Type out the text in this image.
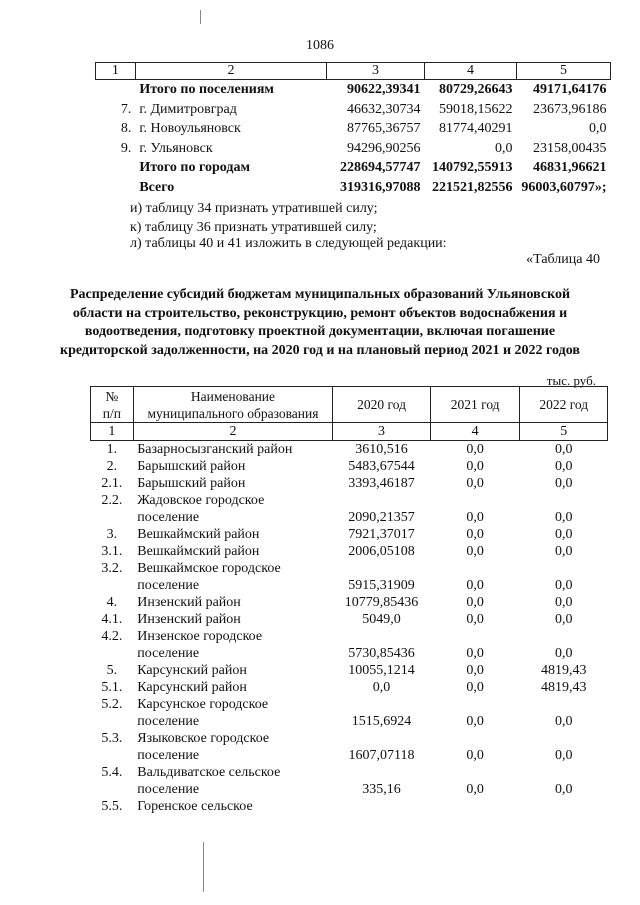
1086
1	2	3	4	5
	Итого по поселениям	90622,39341	80729,26643	49171,64176
7.	г. Димитровград	46632,30734	59018,15622	23673,96186
8.	г. Новоульяновск	87765,36757	81774,40291	0,0
9.	г. Ульяновск	94296,90256	0,0	23158,00435
	Итого по городам	228694,57747	140792,55913	46831,96621
	Всего	319316,97088	221521,82556	96003,60797»;
и) таблицу 34 признать утратившей силу;
к) таблицу 36 признать утратившей силу;
л) таблицы 40 и 41 изложить в следующей редакции:
«Таблица 40
Распределение субсидий бюджетам муниципальных образований Ульяновской области на строительство, реконструкцию, ремонт объектов водоснабжения и водоотведения, подготовку проектной документации, включая погашение кредиторской задолженности, на 2020 год и на плановый период 2021 и 2022 годов
тыс. руб.
№
п/п	Наименование
муниципального образования	2020 год	2021 год	2022 год
1	2	3	4	5
1.	Базарносызганский район	3610,516	0,0	0,0
2.	Барышский район	5483,67544	0,0	0,0
2.1.	Барышский район	3393,46187	0,0	0,0
2.2.	Жадовское городское
поселение	2090,21357	0,0	0,0
3.	Вешкаймский район	7921,37017	0,0	0,0
3.1.	Вешкаймский район	2006,05108	0,0	0,0
3.2.	Вешкаймское городское
поселение	5915,31909	0,0	0,0
4.	Инзенский район	10779,85436	0,0	0,0
4.1.	Инзенский район	5049,0	0,0	0,0
4.2.	Инзенское городское
поселение	5730,85436	0,0	0,0
5.	Карсунский район	10055,1214	0,0	4819,43
5.1.	Карсунский район	0,0	0,0	4819,43
5.2.	Карсунское городское
поселение	1515,6924	0,0	0,0
5.3.	Языковское городское
поселение	1607,07118	0,0	0,0
5.4.	Вальдиватское сельское
поселение	335,16	0,0	0,0
5.5.	Горенское сельское			
